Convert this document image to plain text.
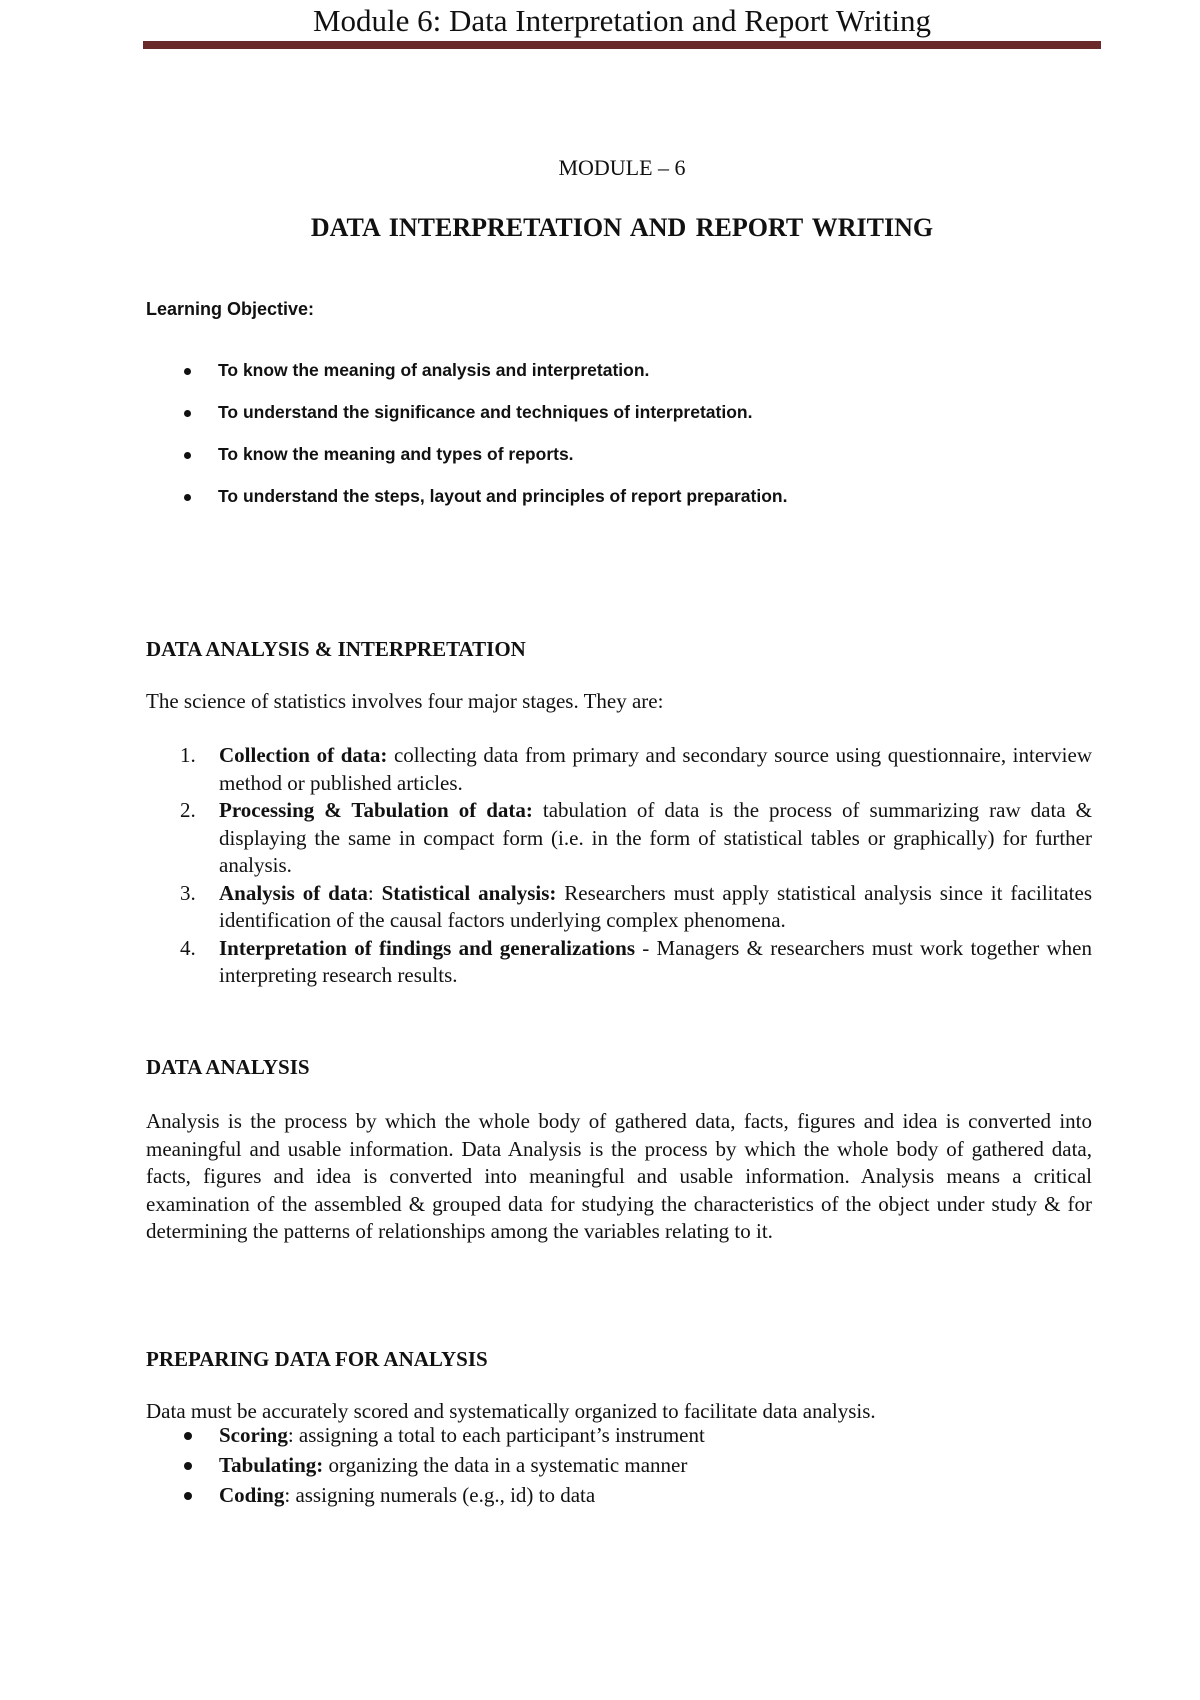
Module 6: Data Interpretation and Report Writing
MODULE – 6
DATA INTERPRETATION AND REPORT WRITING
Learning Objective:
To know the meaning of analysis and interpretation.
To understand the significance and techniques of interpretation.
To know the meaning and types of reports.
To understand the steps, layout and principles of report preparation.
DATA ANALYSIS & INTERPRETATION
The science of statistics involves four major stages. They are:
1. Collection of data: collecting data from primary and secondary source using questionnaire, interview method or published articles.
2. Processing & Tabulation of data: tabulation of data is the process of summarizing raw data & displaying the same in compact form (i.e. in the form of statistical tables or graphically) for further analysis.
3. Analysis of data: Statistical analysis: Researchers must apply statistical analysis since it facilitates identification of the causal factors underlying complex phenomena.
4. Interpretation of findings and generalizations - Managers & researchers must work together when interpreting research results.
DATA ANALYSIS
Analysis is the process by which the whole body of gathered data, facts, figures and idea is converted into meaningful and usable information. Data Analysis is the process by which the whole body of gathered data, facts, figures and idea is converted into meaningful and usable information. Analysis means a critical examination of the assembled & grouped data for studying the characteristics of the object under study & for determining the patterns of relationships among the variables relating to it.
PREPARING DATA FOR ANALYSIS
Data must be accurately scored and systematically organized to facilitate data analysis.
Scoring: assigning a total to each participant’s instrument
Tabulating: organizing the data in a systematic manner
Coding: assigning numerals (e.g., id) to data
